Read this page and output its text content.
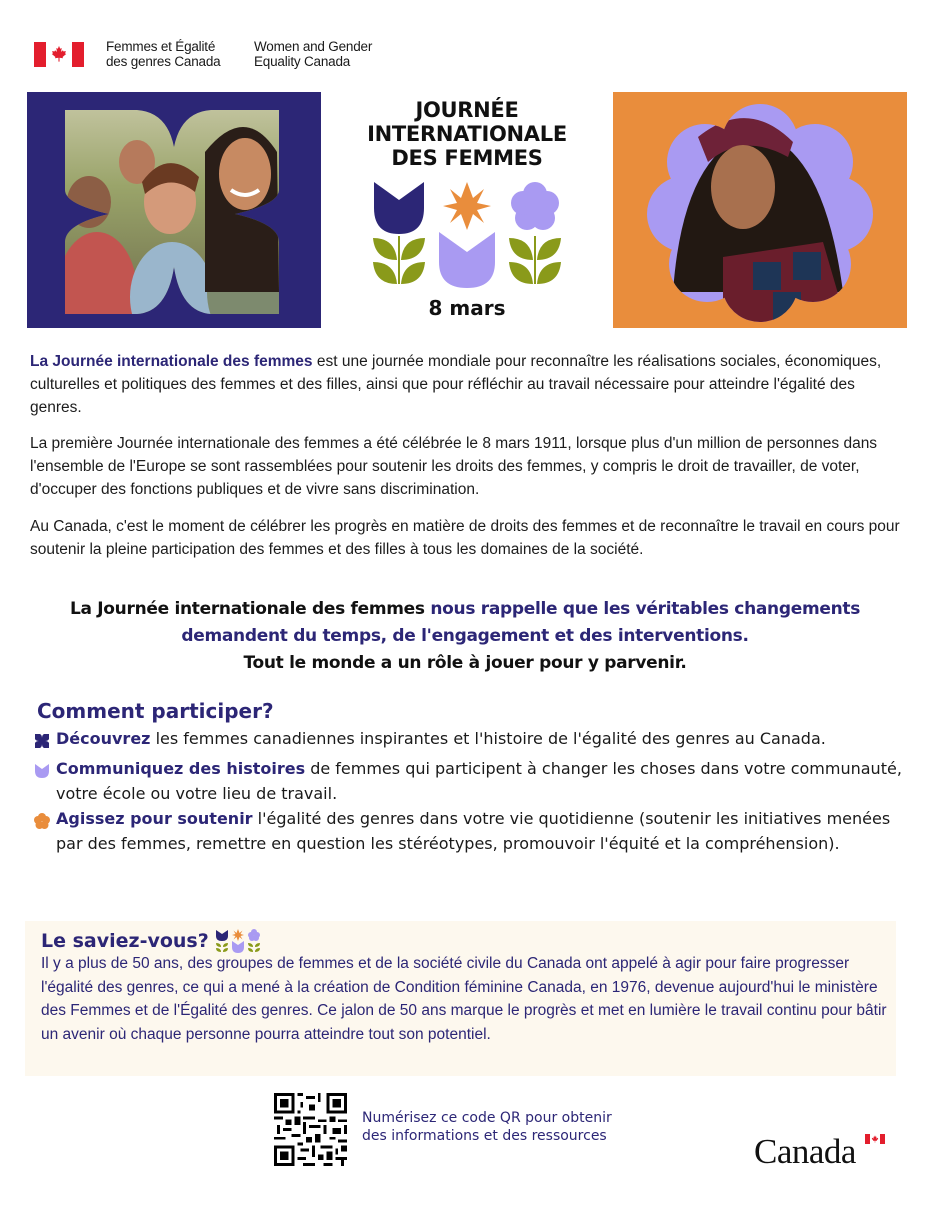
Femmes et Égalité
des genres Canada
Women and Gender
Equality Canada
JOURNÉE
INTERNATIONALE
DES FEMMES
8 mars

La Journée internationale des femmes est une journée mondiale pour reconnaître les réalisations sociales, économiques, culturelles et politiques des femmes et des filles, ainsi que pour réfléchir au travail nécessaire pour atteindre l'égalité des genres.

La première Journée internationale des femmes a été célébrée le 8 mars 1911, lorsque plus d'un million de personnes dans l'ensemble de l'Europe se sont rassemblées pour soutenir les droits des femmes, y compris le droit de travailler, de voter, d'occuper des fonctions publiques et de vivre sans discrimination.

Au Canada, c'est le moment de célébrer les progrès en matière de droits des femmes et de reconnaître le travail en cours pour soutenir la pleine participation des femmes et des filles à tous les domaines de la société.

La Journée internationale des femmes nous rappelle que les véritables changements demandent du temps, de l'engagement et des interventions.
Tout le monde a un rôle à jouer pour y parvenir.
Comment participer?
Découvrez les femmes canadiennes inspirantes et l'histoire de l'égalité des genres au Canada.
Communiquez des histoires de femmes qui participent à changer les choses dans votre communauté, votre école ou votre lieu de travail.
Agissez pour soutenir l'égalité des genres dans votre vie quotidienne (soutenir les initiatives menées par des femmes, remettre en question les stéréotypes, promouvoir l'équité et la compréhension).
Le saviez-vous?

Il y a plus de 50 ans, des groupes de femmes et de la société civile du Canada ont appelé à agir pour faire progresser l'égalité des genres, ce qui a mené à la création de Condition féminine Canada, en 1976, devenue aujourd'hui le ministère des Femmes et de l'Égalité des genres. Ce jalon de 50 ans marque le progrès et met en lumière le travail continu pour bâtir un avenir où chaque personne pourra atteindre tout son potentiel.

Numérisez ce code QR pour obtenir
des informations et des ressources	Canada
